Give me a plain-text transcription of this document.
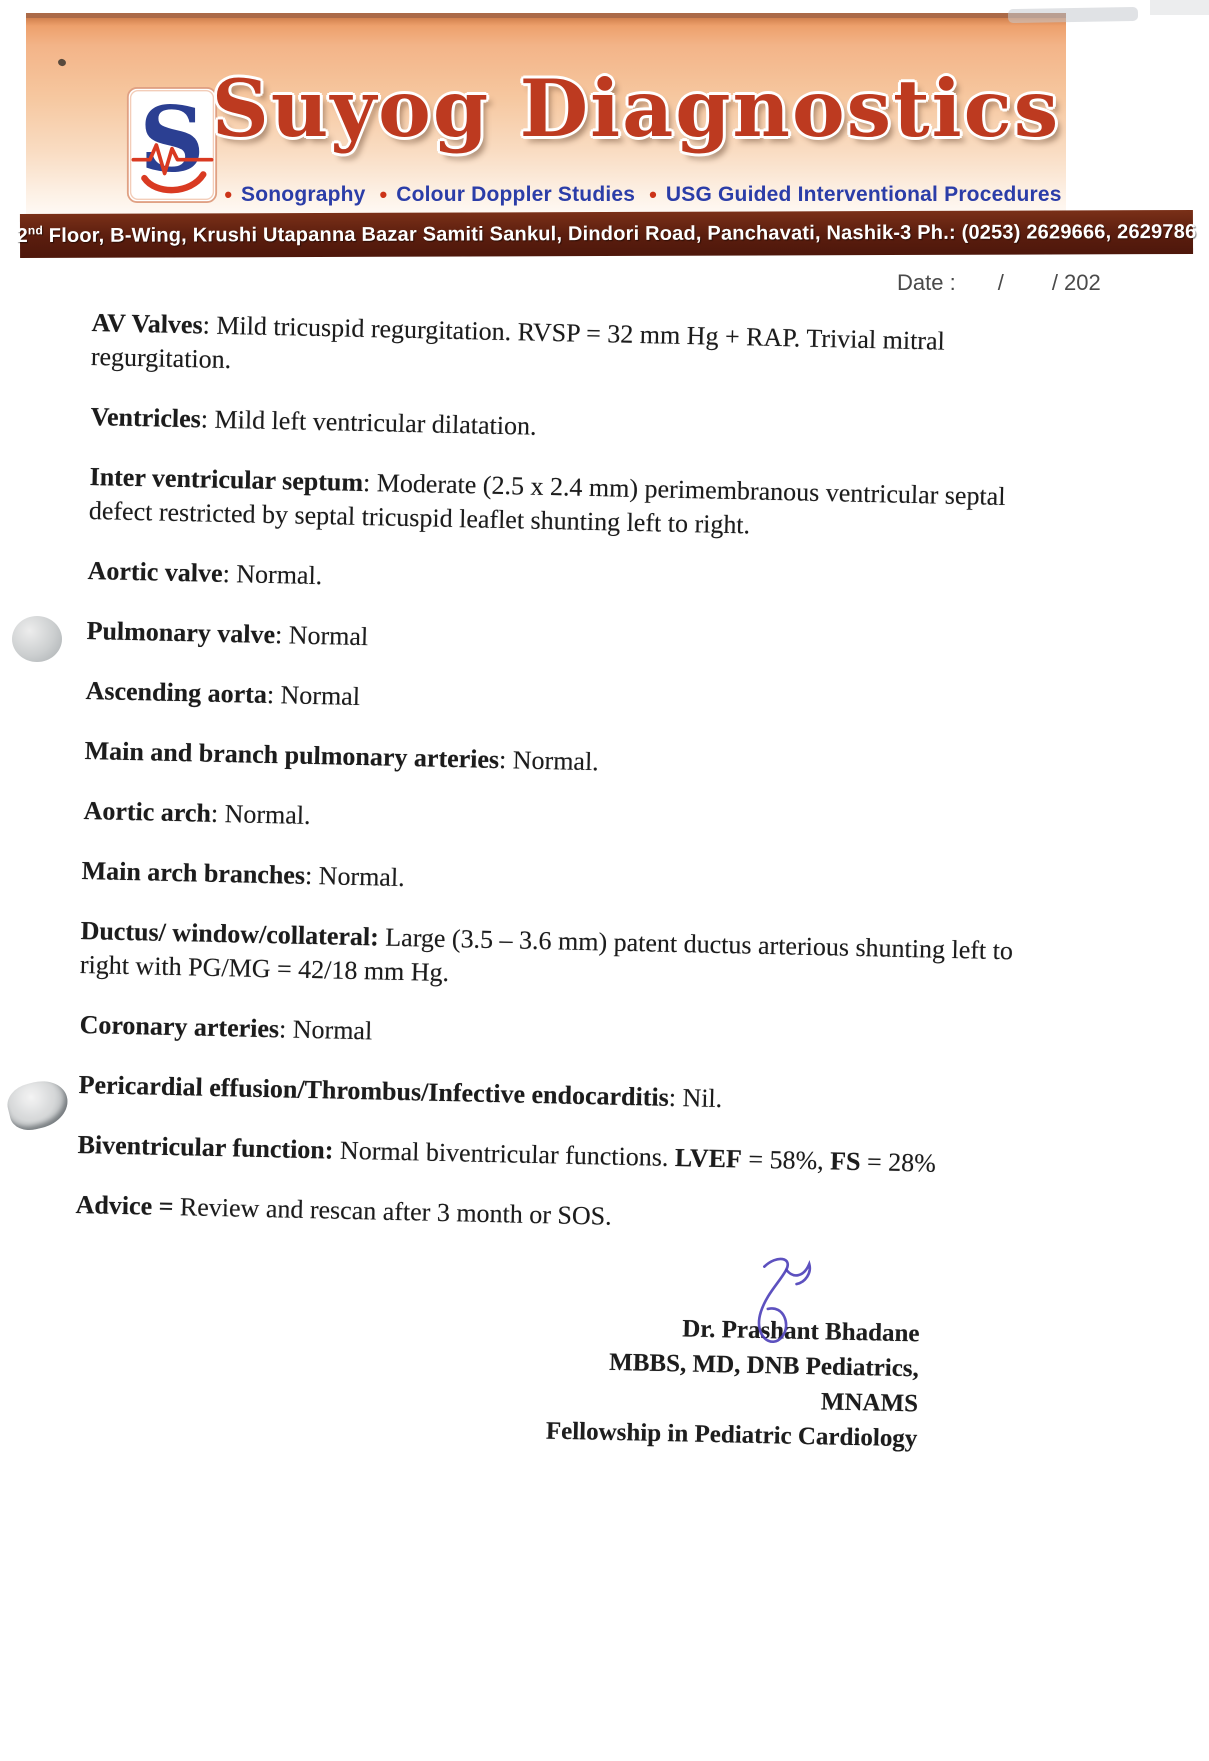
S Suyog Diagnostics
• Sonography • Colour Doppler Studies • USG Guided Interventional Procedures
2nd Floor, B-Wing, Krushi Utapanna Bazar Samiti Sankul, Dindori Road, Panchavati, Nashik-3 Ph.: (0253) 2629666, 2629786
Date : / / 202

AV Valves: Mild tricuspid regurgitation. RVSP = 32 mm Hg + RAP. Trivial mitral regurgitation.

Ventricles: Mild left ventricular dilatation.

Inter ventricular septum: Moderate (2.5 x 2.4 mm) perimembranous ventricular septal defect restricted by septal tricuspid leaflet shunting left to right.

Aortic valve: Normal.

Pulmonary valve: Normal

Ascending aorta: Normal

Main and branch pulmonary arteries: Normal.

Aortic arch: Normal.

Main arch branches: Normal.

Ductus/ window/collateral: Large (3.5 – 3.6 mm) patent ductus arterious shunting left to right with PG/MG = 42/18 mm Hg.

Coronary arteries: Normal

Pericardial effusion/Thrombus/Infective endocarditis: Nil.

Biventricular function: Normal biventricular functions. LVEF = 58%, FS = 28%

Advice = Review and rescan after 3 month or SOS.

Dr. Prashant Bhadane
MBBS, MD, DNB Pediatrics, MNAMS
Fellowship in Pediatric Cardiology
